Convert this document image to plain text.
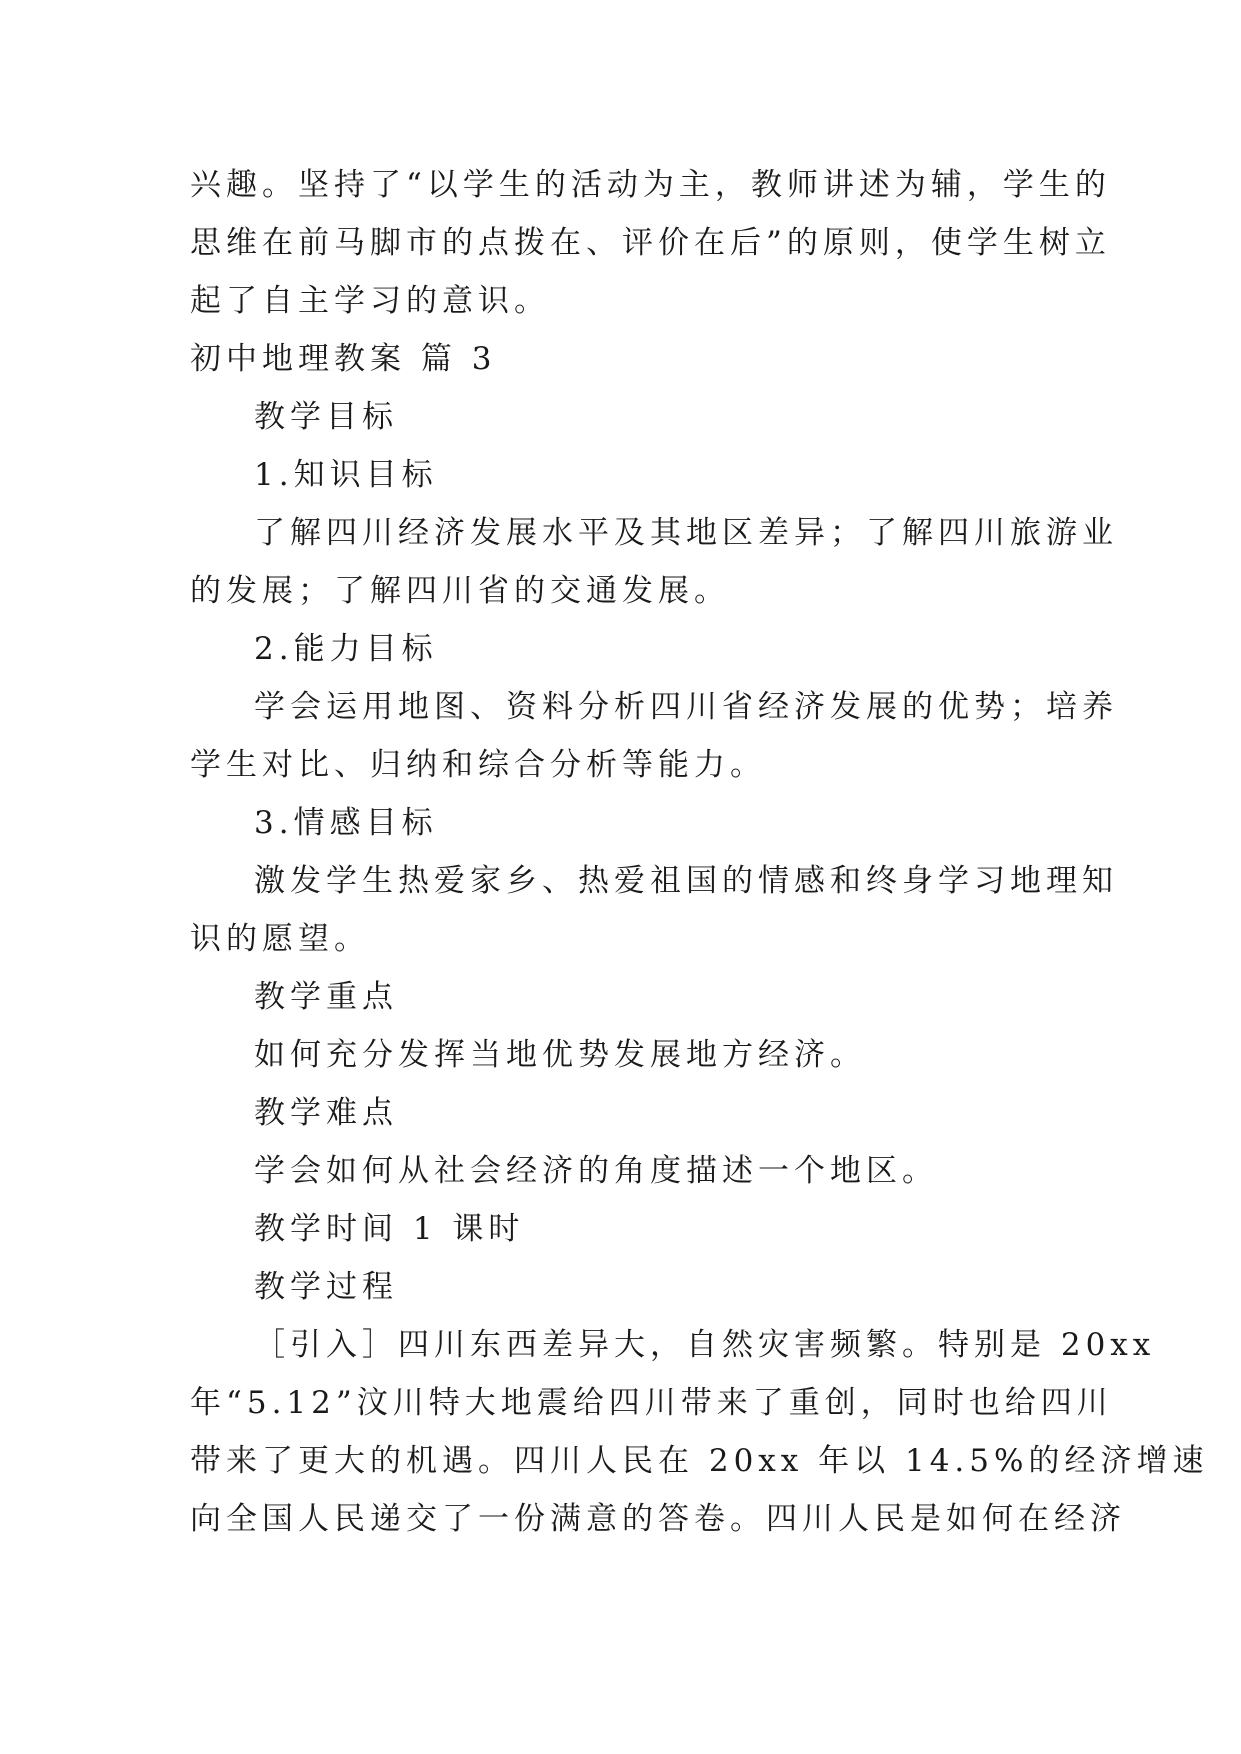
兴趣。坚持了“以学生的活动为主，教师讲述为辅，学生的
思维在前马脚市的点拨在、评价在后”的原则，使学生树立
起了自主学习的意识。
初中地理教案 篇 3
教学目标
1.知识目标
了解四川经济发展水平及其地区差异；了解四川旅游业
的发展；了解四川省的交通发展。
2.能力目标
学会运用地图、资料分析四川省经济发展的优势；培养
学生对比、归纳和综合分析等能力。
3.情感目标
激发学生热爱家乡、热爱祖国的情感和终身学习地理知
识的愿望。
教学重点
如何充分发挥当地优势发展地方经济。
教学难点
学会如何从社会经济的角度描述一个地区。
教学时间 1 课时
教学过程
［引入］四川东西差异大，自然灾害频繁。特别是 20xx
年“5.12”汶川特大地震给四川带来了重创，同时也给四川
带来了更大的机遇。四川人民在 20xx 年以 14.5%的经济增速
向全国人民递交了一份满意的答卷。四川人民是如何在经济
